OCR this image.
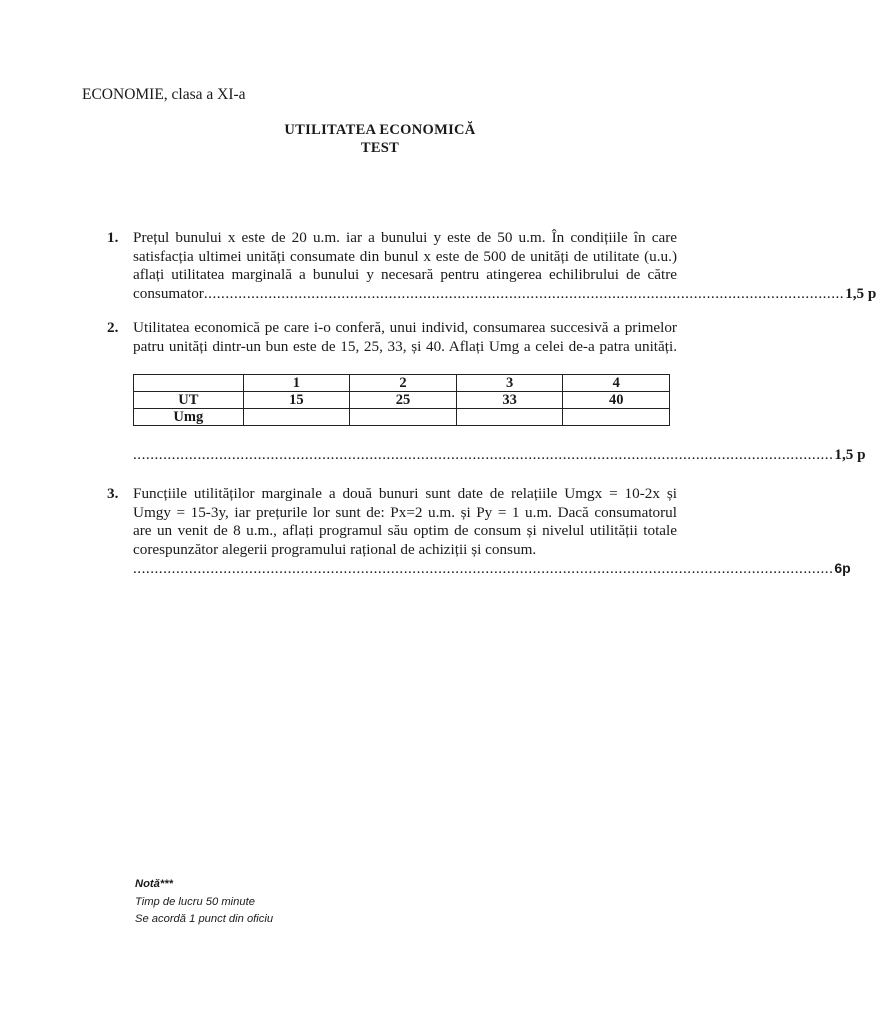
ECONOMIE, clasa a XI-a
UTILITATEA ECONOMICĂ
TEST
1. Prețul bunului x este de 20 u.m. iar a bunului y este de 50 u.m. În condițiile în care
satisfacția ultimei unități consumate din bunul x este de 500 de unități de utilitate (u.u.)
aflați utilitatea marginală a bunului y necesară pentru atingerea echilibrului de către
consumator ..................................................................................................................................................... 1,5 p
2. Utilitatea economică pe care i-o conferă, unui individ, consumarea succesivă a primelor
patru unități dintr-un bun este de 15, 25, 33, și 40. Aflați Umg a celei de-a patra unități.
	1	2	3	4
UT	15	25	33	40
Umg				
................................................................................................................................................................... 1,5 p
3. Funcțiile utilităților marginale a două bunuri sunt date de relațiile Umgx = 10-2x și
Umgy = 15-3y, iar prețurile lor sunt de: Px=2 u.m. și Py = 1 u.m. Dacă consumatorul
are un venit de 8 u.m., aflați programul său optim de consum și nivelul utilității totale
corespunzător alegerii programului rațional de achiziții și consum.
................................................................................................................................................................... 6p
Notă***
Timp de lucru 50 minute
Se acordă 1 punct din oficiu
